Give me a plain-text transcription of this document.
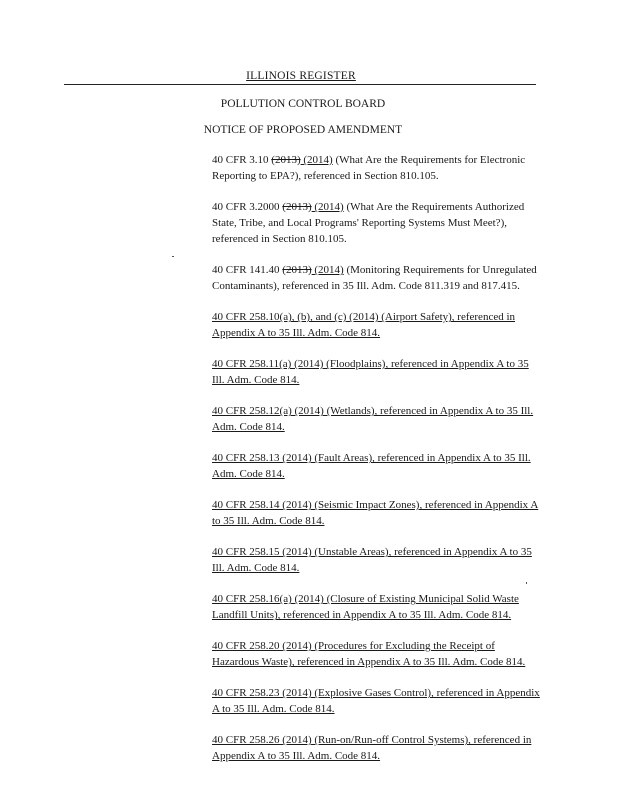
ILLINOIS REGISTER
POLLUTION CONTROL BOARD
NOTICE OF PROPOSED AMENDMENT

40 CFR 3.10 (2013) (2014) (What Are the Requirements for Electronic Reporting to EPA?), referenced in Section 810.105.

40 CFR 3.2000 (2013) (2014) (What Are the Requirements Authorized State, Tribe, and Local Programs' Reporting Systems Must Meet?), referenced in Section 810.105.

40 CFR 141.40 (2013) (2014) (Monitoring Requirements for Unregulated Contaminants), referenced in 35 Ill. Adm. Code 811.319 and 817.415.

40 CFR 258.10(a), (b), and (c) (2014) (Airport Safety), referenced in Appendix A to 35 Ill. Adm. Code 814.

40 CFR 258.11(a) (2014) (Floodplains), referenced in Appendix A to 35 Ill. Adm. Code 814.

40 CFR 258.12(a) (2014) (Wetlands), referenced in Appendix A to 35 Ill. Adm. Code 814.

40 CFR 258.13 (2014) (Fault Areas), referenced in Appendix A to 35 Ill. Adm. Code 814.

40 CFR 258.14 (2014) (Seismic Impact Zones), referenced in Appendix A to 35 Ill. Adm. Code 814.

40 CFR 258.15 (2014) (Unstable Areas), referenced in Appendix A to 35 Ill. Adm. Code 814.

40 CFR 258.16(a) (2014) (Closure of Existing Municipal Solid Waste Landfill Units), referenced in Appendix A to 35 Ill. Adm. Code 814.

40 CFR 258.20 (2014) (Procedures for Excluding the Receipt of Hazardous Waste), referenced in Appendix A to 35 Ill. Adm. Code 814.

40 CFR 258.23 (2014) (Explosive Gases Control), referenced in Appendix A to 35 Ill. Adm. Code 814.

40 CFR 258.26 (2014) (Run-on/Run-off Control Systems), referenced in Appendix A to 35 Ill. Adm. Code 814.
